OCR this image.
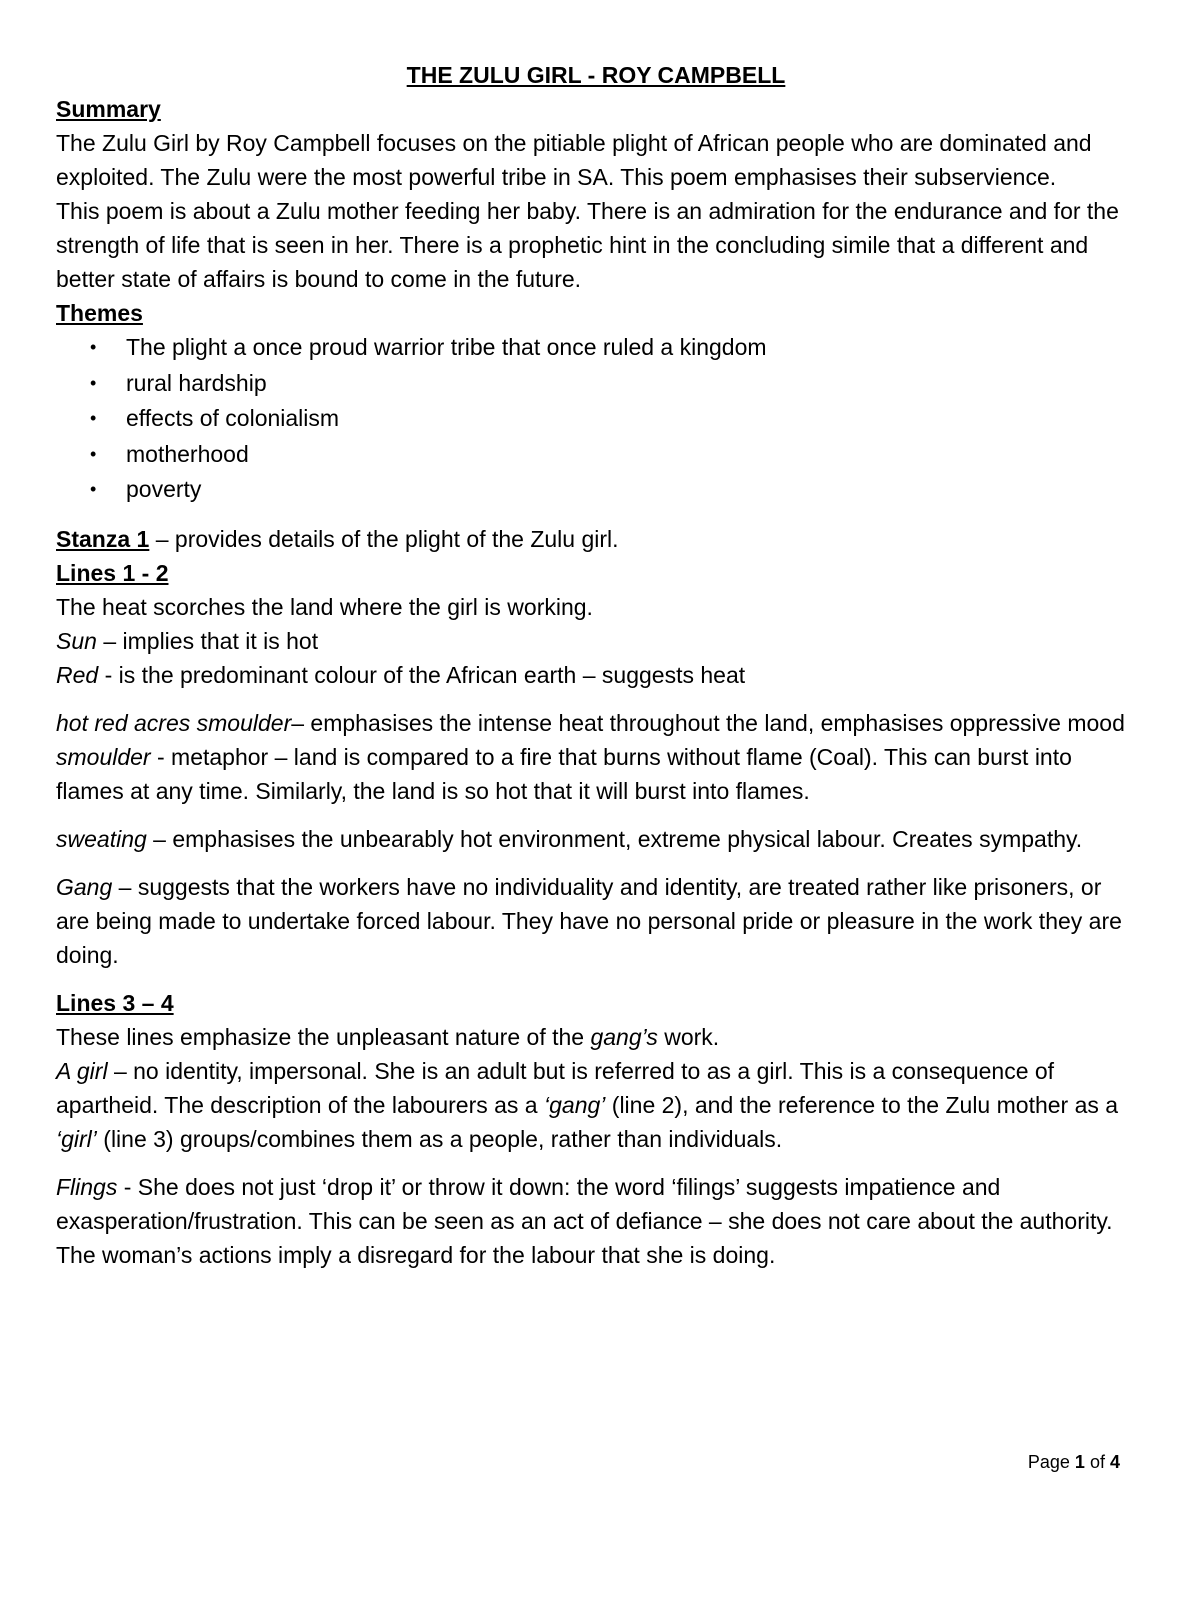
THE ZULU GIRL - ROY CAMPBELL

Summary

The Zulu Girl by Roy Campbell focuses on the pitiable plight of African people who are dominated and exploited. The Zulu were the most powerful tribe in SA. This poem emphasises their subservience.

This poem is about a Zulu mother feeding her baby. There is an admiration for the endurance and for the strength of life that is seen in her. There is a prophetic hint in the concluding simile that a different and better state of affairs is bound to come in the future.

Themes

• The plight a once proud warrior tribe that once ruled a kingdom
• rural hardship
• effects of colonialism
• motherhood
• poverty

Stanza 1 – provides details of the plight of the Zulu girl.

Lines 1 - 2

The heat scorches the land where the girl is working.

Sun – implies that it is hot

Red - is the predominant colour of the African earth – suggests heat

hot red acres smoulder– emphasises the intense heat throughout the land, emphasises oppressive mood

smoulder - metaphor – land is compared to a fire that burns without flame (Coal). This can burst into flames at any time. Similarly, the land is so hot that it will burst into flames.

sweating – emphasises the unbearably hot environment, extreme physical labour. Creates sympathy.

Gang – suggests that the workers have no individuality and identity, are treated rather like prisoners, or are being made to undertake forced labour. They have no personal pride or pleasure in the work they are doing.

Lines 3 – 4

These lines emphasize the unpleasant nature of the gang’s work.

A girl – no identity, impersonal. She is an adult but is referred to as a girl. This is a consequence of apartheid. The description of the labourers as a ‘gang’ (line 2), and the reference to the Zulu mother as a ‘girl’ (line 3) groups/combines them as a people, rather than individuals.

Flings - She does not just ‘drop it’ or throw it down: the word ‘filings’ suggests impatience and exasperation/frustration. This can be seen as an act of defiance – she does not care about the authority. The woman’s actions imply a disregard for the labour that she is doing.

Page 1 of 4
